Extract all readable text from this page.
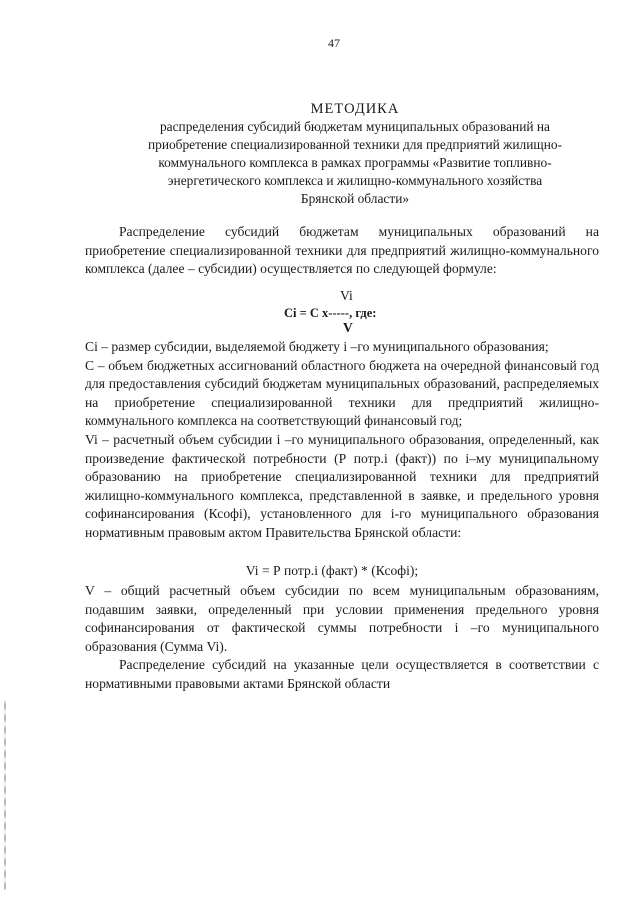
47

МЕТОДИКА

распределения субсидий бюджетам муниципальных образований на

приобретение специализированной техники для предприятий жилищно-

коммунального комплекса в рамках программы «Развитие топливно-

энергетического комплекса и жилищно-коммунального хозяйства

Брянской области»

Распределение субсидий бюджетам муниципальных образований на приобретение специализированной техники для предприятий жилищно-коммунального комплекса (далее – субсидии) осуществляется по следующей формуле:

Vi
Ci = C x-----, где:
V

Ci – размер субсидии, выделяемой бюджету i –го муниципального образования;

C – объем бюджетных ассигнований областного бюджета на очередной финансовый год для предоставления субсидий бюджетам муниципальных образований, распределяемых на приобретение специализированной техники для предприятий жилищно-коммунального комплекса на соответствующий финансовый год;

Vi – расчетный объем субсидии i –го муниципального образования, определенный, как произведение фактической потребности (Р потр.i (факт)) по i–му муниципальному образованию на приобретение специализированной техники для предприятий жилищно-коммунального комплекса, представленной в заявке, и предельного уровня софинансирования (Ксофi), установленного для i-го муниципального образования нормативным правовым актом Правительства Брянской области:

Vi = Р потр.i (факт) * (Ксофi);

V – общий расчетный объем субсидии по всем муниципальным образованиям, подавшим заявки, определенный при условии применения предельного уровня софинансирования от фактической суммы потребности i –го муниципального образования (Сумма Vi).

Распределение субсидий на указанные цели осуществляется в соответствии с нормативными правовыми актами Брянской области
